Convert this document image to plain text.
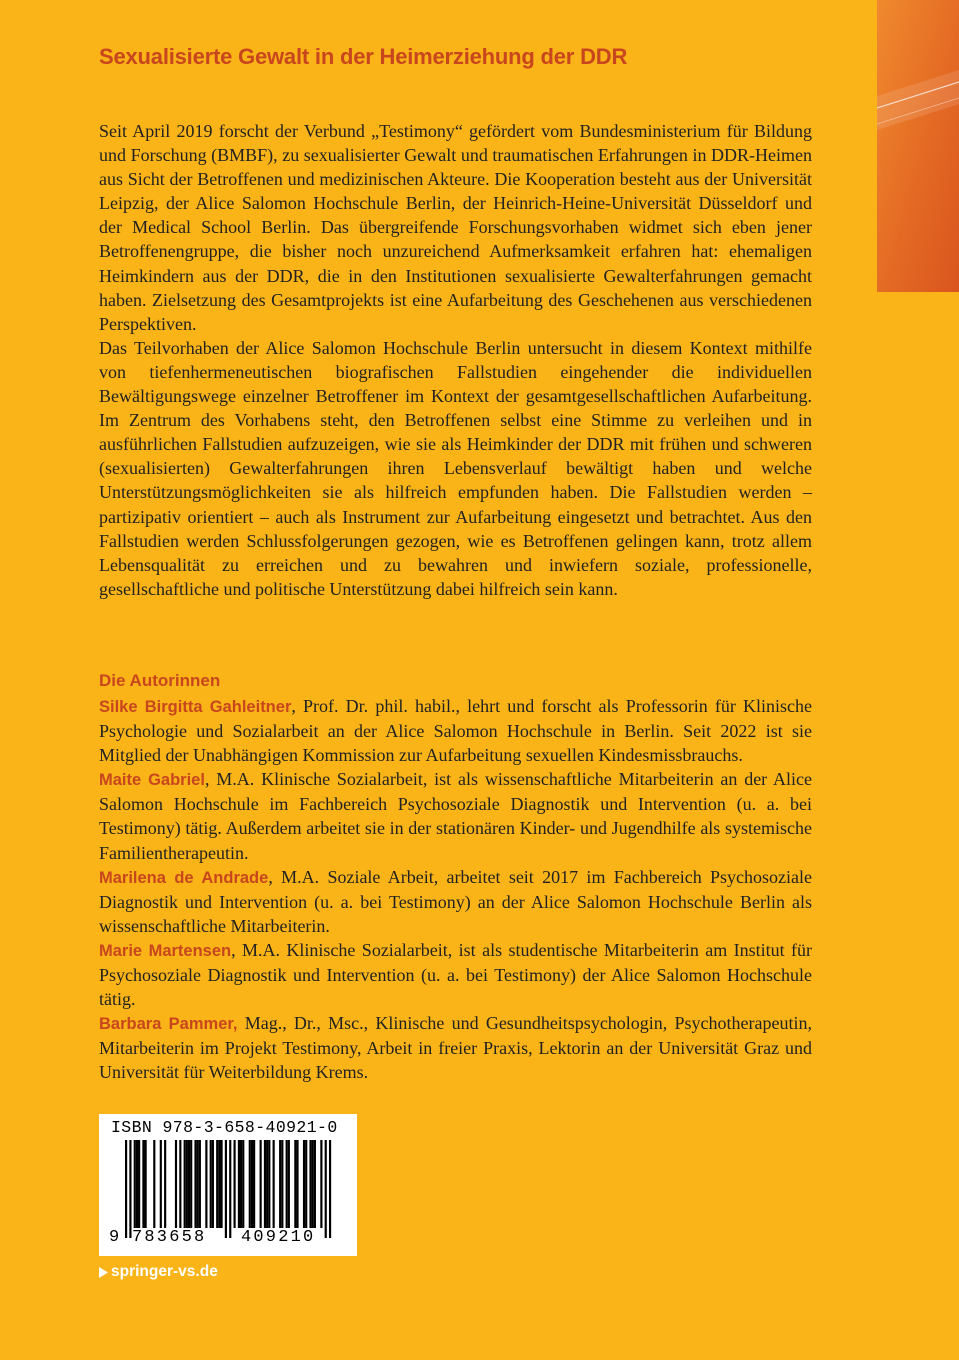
Sexualisierte Gewalt in der Heimerziehung der DDR

Seit April 2019 forscht der Verbund „Testimony“ gefördert vom Bundesministerium für Bildung und Forschung (BMBF), zu sexualisierter Gewalt und traumatischen Erfahrungen in DDR-Heimen aus Sicht der Betroffenen und medizinischen Akteure. Die Kooperation besteht aus der Universität Leipzig, der Alice Salomon Hochschule Berlin, der Heinrich-Heine-Universität Düsseldorf und der Medical School Berlin. Das übergreifende Forschungsvorhaben widmet sich eben jener Betroffenengruppe, die bisher noch unzureichend Aufmerksamkeit erfahren hat: ehemaligen Heimkindern aus der DDR, die in den Institutionen sexualisierte Gewalterfahrungen gemacht haben. Zielsetzung des Gesamtprojekts ist eine Aufarbeitung des Geschehenen aus verschiedenen Perspektiven.

Das Teilvorhaben der Alice Salomon Hochschule Berlin untersucht in diesem Kontext mithilfe von tiefenhermeneutischen biografischen Fallstudien eingehender die individuellen Bewältigungswege einzelner Betroffener im Kontext der gesamtgesellschaftlichen Aufarbeitung. Im Zentrum des Vorhabens steht, den Betroffenen selbst eine Stimme zu verleihen und in ausführlichen Fallstudien aufzuzeigen, wie sie als Heimkinder der DDR mit frühen und schweren (sexualisierten) Gewalterfahrungen ihren Lebensverlauf bewältigt haben und welche Unterstützungsmöglichkeiten sie als hilfreich empfunden haben. Die Fallstudien werden – partizipativ orientiert – auch als Instrument zur Aufarbeitung eingesetzt und betrachtet. Aus den Fallstudien werden Schlussfolgerungen gezogen, wie es Betroffenen gelingen kann, trotz allem Lebensqualität zu erreichen und zu bewahren und inwiefern soziale, professionelle, gesellschaftliche und politische Unterstützung dabei hilfreich sein kann.

Die Autorinnen

Silke Birgitta Gahleitner, Prof. Dr. phil. habil., lehrt und forscht als Professorin für Klinische Psychologie und Sozialarbeit an der Alice Salomon Hochschule in Berlin. Seit 2022 ist sie Mitglied der Unabhängigen Kommission zur Aufarbeitung sexuellen Kindesmissbrauchs.

Maite Gabriel, M.A. Klinische Sozialarbeit, ist als wissenschaftliche Mitarbeiterin an der Alice Salomon Hochschule im Fachbereich Psychosoziale Diagnostik und Intervention (u. a. bei Testimony) tätig. Außerdem arbeitet sie in der stationären Kinder- und Jugendhilfe als systemische Familientherapeutin.

Marilena de Andrade, M.A. Soziale Arbeit, arbeitet seit 2017 im Fachbereich Psychosoziale Diagnostik und Intervention (u. a. bei Testimony) an der Alice Salomon Hochschule Berlin als wissenschaftliche Mitarbeiterin.

Marie Martensen, M.A. Klinische Sozialarbeit, ist als studentische Mitarbeiterin am Institut für Psychosoziale Diagnostik und Intervention (u. a. bei Testimony) der Alice Salomon Hochschule tätig.

Barbara Pammer, Mag., Dr., Msc., Klinische und Gesundheitspsychologin, Psychotherapeutin, Mitarbeiterin im Projekt Testimony, Arbeit in freier Praxis, Lektorin an der Universität Graz und Universität für Weiterbildung Krems.

ISBN 978-3-658-40921-0
9 783658	409210
springer-vs.de
